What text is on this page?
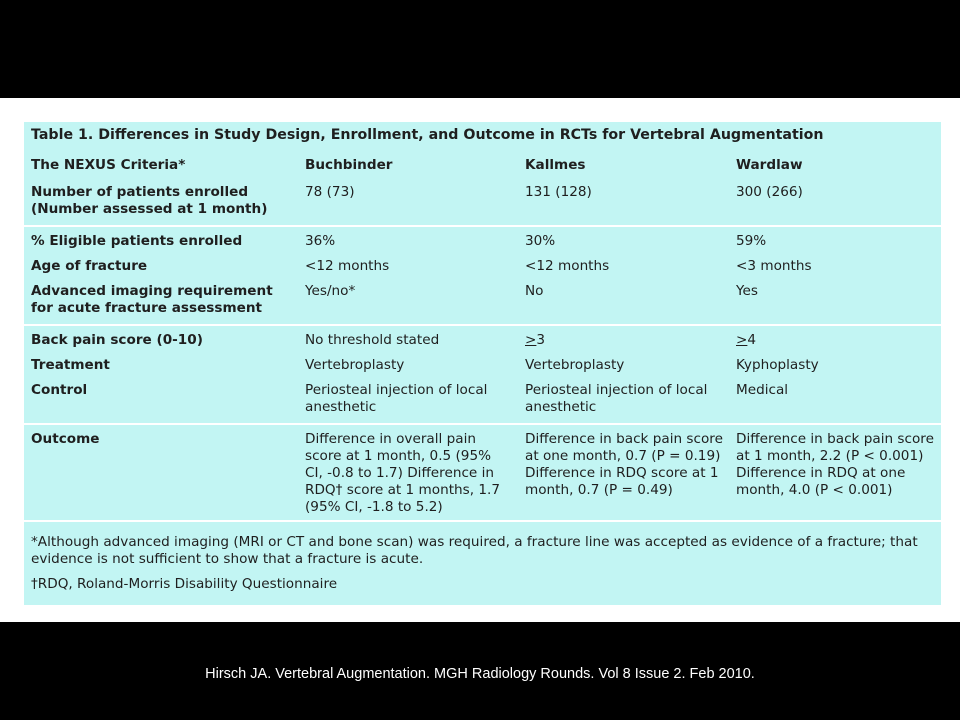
Table 1. Differences in Study Design, Enrollment, and Outcome in RCTs for Vertebral Augmentation
The NEXUS Criteria*	Buchbinder	Kallmes	Wardlaw
Number of patients enrolled (Number assessed at 1 month)	78 (73)	131 (128)	300 (266)
% Eligible patients enrolled	36%	30%	59%
Age of fracture	<12 months	<12 months	<3 months
Advanced imaging requirement for acute fracture assessment	Yes/no*	No	Yes
Back pain score (0-10)	No threshold stated	>3	>4
Treatment	Vertebroplasty	Vertebroplasty	Kyphoplasty
Control	Periosteal injection of local anesthetic	Periosteal injection of local anesthetic	Medical
Outcome	Difference in overall pain score at 1 month, 0.5 (95% CI, -0.8 to 1.7) Difference in RDQ† score at 1 months, 1.7 (95% CI, -1.8 to 5.2)	Difference in back pain score at one month, 0.7 (P = 0.19) Difference in RDQ score at 1 month, 0.7 (P = 0.49)	Difference in back pain score at 1 month, 2.2 (P < 0.001) Difference in RDQ at one month, 4.0 (P < 0.001)
*Although advanced imaging (MRI or CT and bone scan) was required, a fracture line was accepted as evidence of a fracture; that evidence is not sufficient to show that a fracture is acute.
†RDQ, Roland-Morris Disability Questionnaire
Hirsch JA. Vertebral Augmentation. MGH Radiology Rounds. Vol 8 Issue 2. Feb 2010.
